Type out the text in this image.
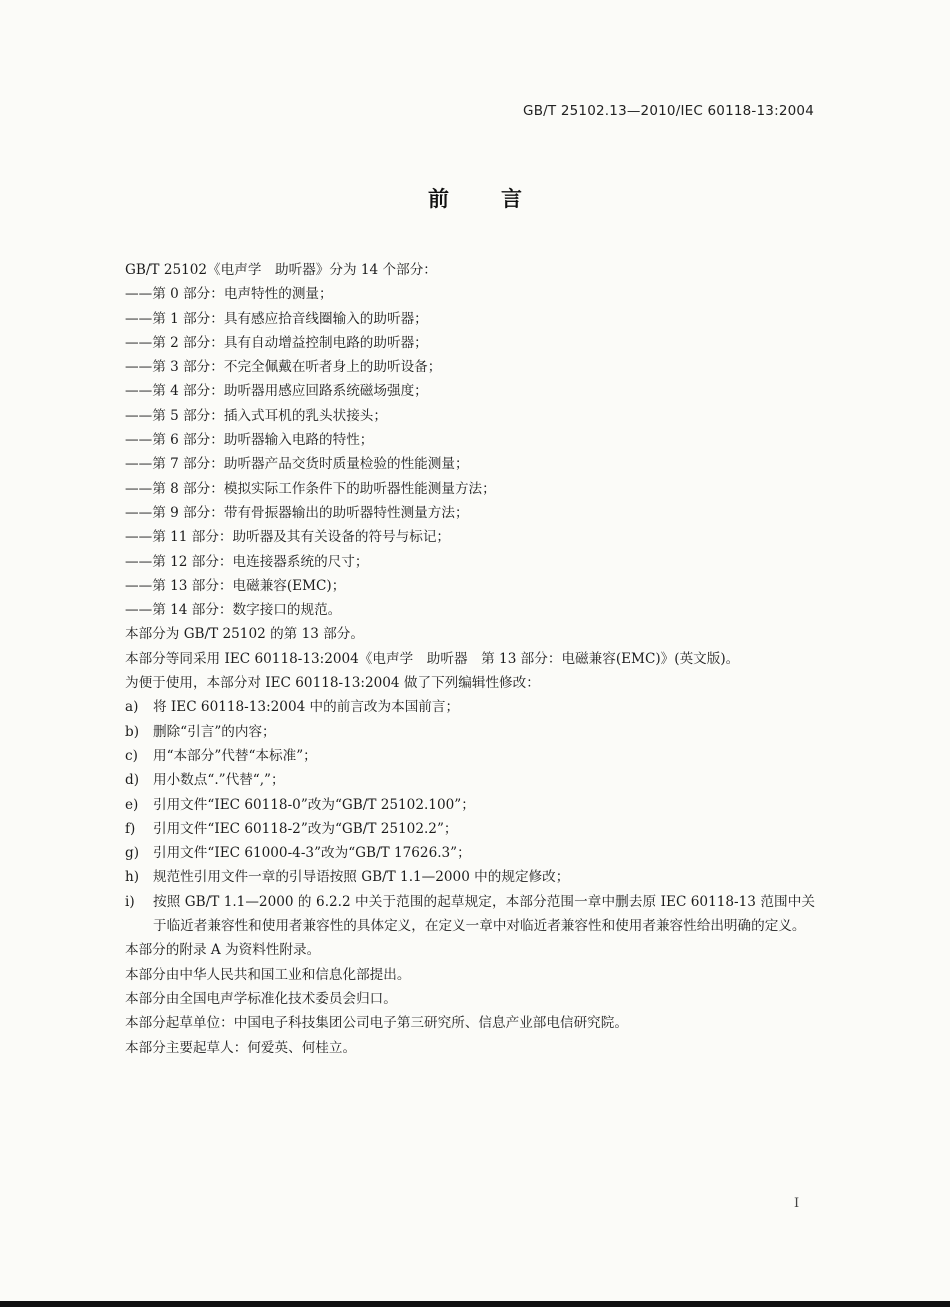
GB/T 25102.13—2010/IEC 60118-13:2004
前言
GB/T 25102《电声学　助听器》分为 14 个部分：
——第 0 部分：电声特性的测量；
——第 1 部分：具有感应拾音线圈输入的助听器；
——第 2 部分：具有自动增益控制电路的助听器；
——第 3 部分：不完全佩戴在听者身上的助听设备；
——第 4 部分：助听器用感应回路系统磁场强度；
——第 5 部分：插入式耳机的乳头状接头；
——第 6 部分：助听器输入电路的特性；
——第 7 部分：助听器产品交货时质量检验的性能测量；
——第 8 部分：模拟实际工作条件下的助听器性能测量方法；
——第 9 部分：带有骨振器输出的助听器特性测量方法；
——第 11 部分：助听器及其有关设备的符号与标记；
——第 12 部分：电连接器系统的尺寸；
——第 13 部分：电磁兼容(EMC)；
——第 14 部分：数字接口的规范。
本部分为 GB/T 25102 的第 13 部分。
本部分等同采用 IEC 60118-13:2004《电声学　助听器　第 13 部分：电磁兼容(EMC)》(英文版)。
为便于使用，本部分对 IEC 60118-13:2004 做了下列编辑性修改：
a)	将 IEC 60118-13:2004 中的前言改为本国前言；
b)	删除“引言”的内容；
c)	用“本部分”代替“本标准”；
d)	用小数点“.”代替“,”；
e)	引用文件“IEC 60118-0”改为“GB/T 25102.100”；
f)	引用文件“IEC 60118-2”改为“GB/T 25102.2”；
g)	引用文件“IEC 61000-4-3”改为“GB/T 17626.3”；
h)	规范性引用文件一章的引导语按照 GB/T 1.1—2000 中的规定修改；
i)	按照 GB/T 1.1—2000 的 6.2.2 中关于范围的起草规定，本部分范围一章中删去原 IEC 60118-13 范围中关于临近者兼容性和使用者兼容性的具体定义，在定义一章中对临近者兼容性和使用者兼容性给出明确的定义。
本部分的附录 A 为资料性附录。
本部分由中华人民共和国工业和信息化部提出。
本部分由全国电声学标准化技术委员会归口。
本部分起草单位：中国电子科技集团公司电子第三研究所、信息产业部电信研究院。
本部分主要起草人：何爱英、何桂立。
I
